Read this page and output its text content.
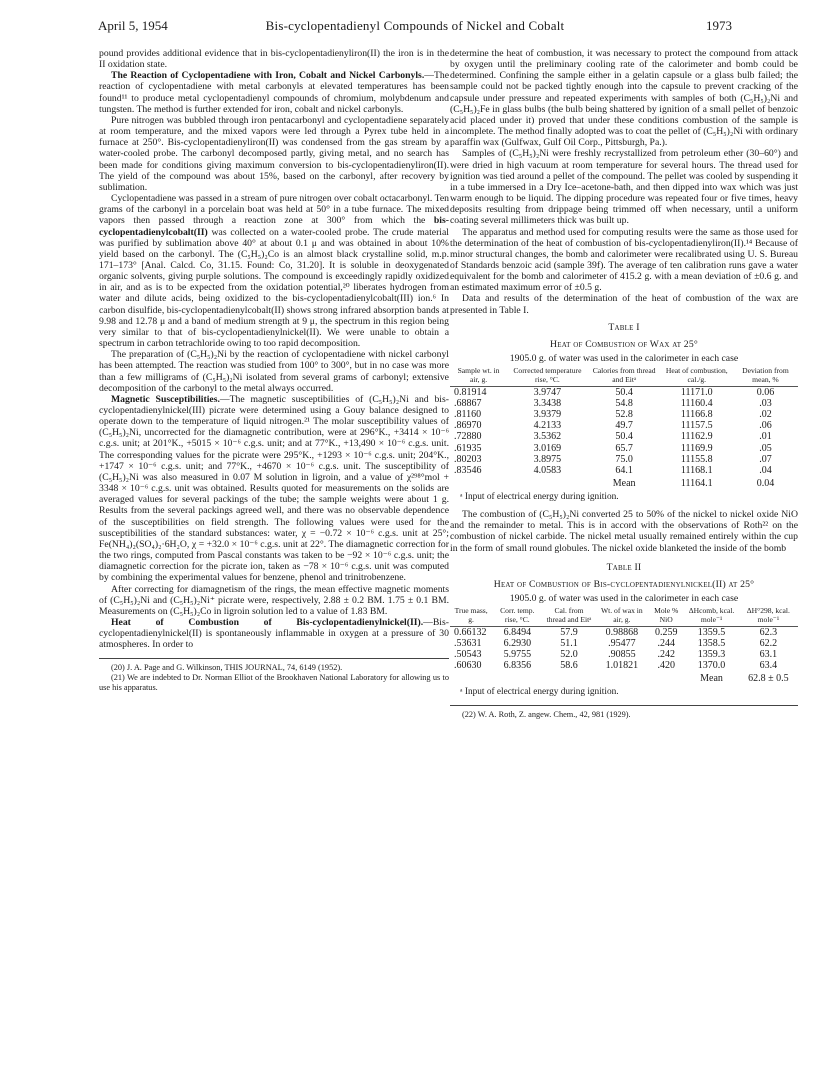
April 5, 1954	Bis-cyclopentadienyl Compounds of Nickel and Cobalt	1973

pound provides additional evidence that in bis-cyclopentadienyliron(II) the iron is in the II oxidation state.

The Reaction of Cyclopentadiene with Iron, Cobalt and Nickel Carbonyls.—The reaction of cyclopentadiene with metal carbonyls at elevated temperatures has been found¹¹ to produce metal cyclopentadienyl compounds of chromium, molybdenum and tungsten. The method is further extended for iron, cobalt and nickel carbonyls.

Pure nitrogen was bubbled through iron pentacarbonyl and cyclopentadiene separately at room temperature, and the mixed vapors were led through a Pyrex tube held in a furnace at 250°. Bis-cyclopentadienyliron(II) was condensed from the gas stream by a water-cooled probe. The carbonyl decomposed partly, giving metal, and no search has been made for conditions giving maximum conversion to bis-cyclopentadienyliron(II). The yield of the compound was about 15%, based on the carbonyl, after recovery by sublimation.

Cyclopentadiene was passed in a stream of pure nitrogen over cobalt octacarbonyl. Ten grams of the carbonyl in a porcelain boat was held at 50° in a tube furnace. The mixed vapors then passed through a reaction zone at 300° from which the bis-cyclopentadienylcobalt(II) was collected on a water-cooled probe. The crude material was purified by sublimation above 40° at about 0.1 μ and was obtained in about 10% yield based on the carbonyl. The (C₅H₅)₂Co is an almost black crystalline solid, m.p. 171–173° [Anal. Calcd. Co, 31.15. Found: Co, 31.20]. It is soluble in deoxygenated organic solvents, giving purple solutions. The compound is exceedingly rapidly oxidized in air, and as is to be expected from the oxidation potential,²⁰ liberates hydrogen from water and dilute acids, being oxidized to the bis-cyclopentadienylcobalt(III) ion.⁶ In carbon disulfide, bis-cyclopentadienylcobalt(II) shows strong infrared absorption bands at 9.98 and 12.78 μ and a band of medium strength at 9 μ, the spectrum in this region being very similar to that of bis-cyclopentadienylnickel(II). We were unable to obtain a spectrum in carbon tetrachloride owing to too rapid decomposition.

The preparation of (C₅H₅)₂Ni by the reaction of cyclopentadiene with nickel carbonyl has been attempted. The reaction was studied from 100° to 300°, but in no case was more than a few milligrams of (C₅H₅)₂Ni isolated from several grams of carbonyl; extensive decomposition of the carbonyl to the metal always occurred.

Magnetic Susceptibilities.—The magnetic susceptibilities of (C₅H₅)₂Ni and bis-cyclopentadienylnickel(III) picrate were determined using a Gouy balance designed to operate down to the temperature of liquid nitrogen.²¹ The molar susceptibility values of (C₅H₅)₂Ni, uncorrected for the diamagnetic contribution, were at 296°K., +3414 × 10⁻⁶ c.g.s. unit; at 201°K., +5015 × 10⁻⁶ c.g.s. unit; and at 77°K., +13,490 × 10⁻⁶ c.g.s. unit. The corresponding values for the picrate were 295°K., +1293 × 10⁻⁶ c.g.s. unit; 204°K., +1747 × 10⁻⁶ c.g.s. unit; and 77°K., +4670 × 10⁻⁶ c.g.s. unit. The susceptibility of (C₅H₅)₂Ni was also measured in 0.07 M solution in ligroin, and a value of χ²⁹⁸°mol + 3348 × 10⁻⁶ c.g.s. unit was obtained. Results quoted for measurements on the solids are averaged values for several packings of the tube; the sample weights were about 1 g. Results from the several packings agreed well, and there was no observable dependence of the susceptibilities on field strength. The following values were used for the susceptibilities of the standard substances: water, χ = −0.72 × 10⁻⁶ c.g.s. unit at 25°; Fe(NH₄)₂(SO₄)₂·6H₂O, χ = +32.0 × 10⁻⁶ c.g.s. unit at 22°. The diamagnetic correction for the two rings, computed from Pascal constants was taken to be −92 × 10⁻⁶ c.g.s. unit; the diamagnetic correction for the picrate ion, taken as −78 × 10⁻⁶ c.g.s. unit was computed by combining the experimental values for benzene, phenol and trinitrobenzene.

After correcting for diamagnetism of the rings, the mean effective magnetic moments of (C₅H₅)₂Ni and (C₅H₅)₂Ni⁺ picrate were, respectively, 2.88 ± 0.2 BM. 1.75 ± 0.1 BM. Measurements on (C₅H₅)₂Co in ligroin solution led to a value of 1.83 BM.

Heat of Combustion of Bis-cyclopentadienylnickel(II).—Bis-cyclopentadienylnickel(II) is spontaneously inflammable in oxygen at a pressure of 30 atmospheres. In order to

(20) J. A. Page and G. Wilkinson, THIS JOURNAL, 74, 6149 (1952).

(21) We are indebted to Dr. Norman Elliot of the Brookhaven National Laboratory for allowing us to use his apparatus.

determine the heat of combustion, it was necessary to protect the compound from attack by oxygen until the preliminary cooling rate of the calorimeter and bomb could be determined. Confining the sample either in a gelatin capsule or a glass bulb failed; the sample could not be packed tightly enough into the capsule to prevent cracking of the capsule under pressure and repeated experiments with samples of both (C₅H₅)₂Ni and (C₅H₅)₂Fe in glass bulbs (the bulb being shattered by ignition of a small pellet of benzoic acid placed under it) proved that under these conditions combustion of the sample is incomplete. The method finally adopted was to coat the pellet of (C₅H₅)₂Ni with ordinary paraffin wax (Gulfwax, Gulf Oil Corp., Pittsburgh, Pa.).

Samples of (C₅H₅)₂Ni were freshly recrystallized from petroleum ether (30–60°) and were dried in high vacuum at room temperature for several hours. The thread used for ignition was tied around a pellet of the compound. The pellet was cooled by suspending it in a tube immersed in a Dry Ice–acetone-bath, and then dipped into wax which was just warm enough to be liquid. The dipping procedure was repeated four or five times, heavy deposits resulting from drippage being trimmed off when necessary, until a uniform coating several millimeters thick was built up.

The apparatus and method used for computing results were the same as those used for the determination of the heat of combustion of bis-cyclopentadienyliron(II).¹⁴ Because of minor structural changes, the bomb and calorimeter were recalibrated using U. S. Bureau of Standards benzoic acid (sample 39f). The average of ten calibration runs gave a water equivalent for the bomb and calorimeter of 415.2 g. with a mean deviation of ±0.6 g. and an estimated maximum error of ±0.5 g.

Data and results of the determination of the heat of combustion of the wax are presented in Table I.

Table I
Heat of Combustion of Wax at 25°
1905.0 g. of water was used in the calorimeter in each case
Sample wt. in air, g.	Corrected temperature rise, °C.	Calories from thread and Eitᵃ	Heat of combustion, cal./g.	Deviation from mean, %
0.81914	3.9747	50.4	11171.0	0.06
.68867	3.3438	54.8	11160.4	.03
.81160	3.9379	52.8	11166.8	.02
.86970	4.2133	49.7	11157.5	.06
.72880	3.5362	50.4	11162.9	.01
.61935	3.0169	65.7	11169.9	.05
.80203	3.8975	75.0	11155.8	.07
.83546	4.0583	64.1	11168.1	.04
		Mean	11164.1	0.04
ᵃ Input of electrical energy during ignition.

The combustion of (C₅H₅)₂Ni converted 25 to 50% of the nickel to nickel oxide NiO and the remainder to metal. This is in accord with the observations of Roth²² on the combustion of nickel carbide. The nickel metal usually remained entirely within the cup in the form of small round globules. The nickel oxide blanketed the inside of the bomb

Table II
Heat of Combustion of Bis-cyclopentadienylnickel(II) at 25°
1905.0 g. of water was used in the calorimeter in each case
True mass, g.	Corr. temp. rise, °C.	Cal. from thread and Eitᵃ	Wt. of wax in air, g.	Mole % NiO	ΔHcomb, kcal. mole⁻¹	ΔH°298, kcal. mole⁻¹
0.66132	6.8494	57.9	0.98868	0.259	1359.5	62.3
.53631	6.2930	51.1	.95477	.244	1358.5	62.2
.50543	5.9755	52.0	.90855	.242	1359.3	63.1
.60630	6.8356	58.6	1.01821	.420	1370.0	63.4
					Mean	62.8 ± 0.5
ᵃ Input of electrical energy during ignition.

(22) W. A. Roth, Z. angew. Chem., 42, 981 (1929).
